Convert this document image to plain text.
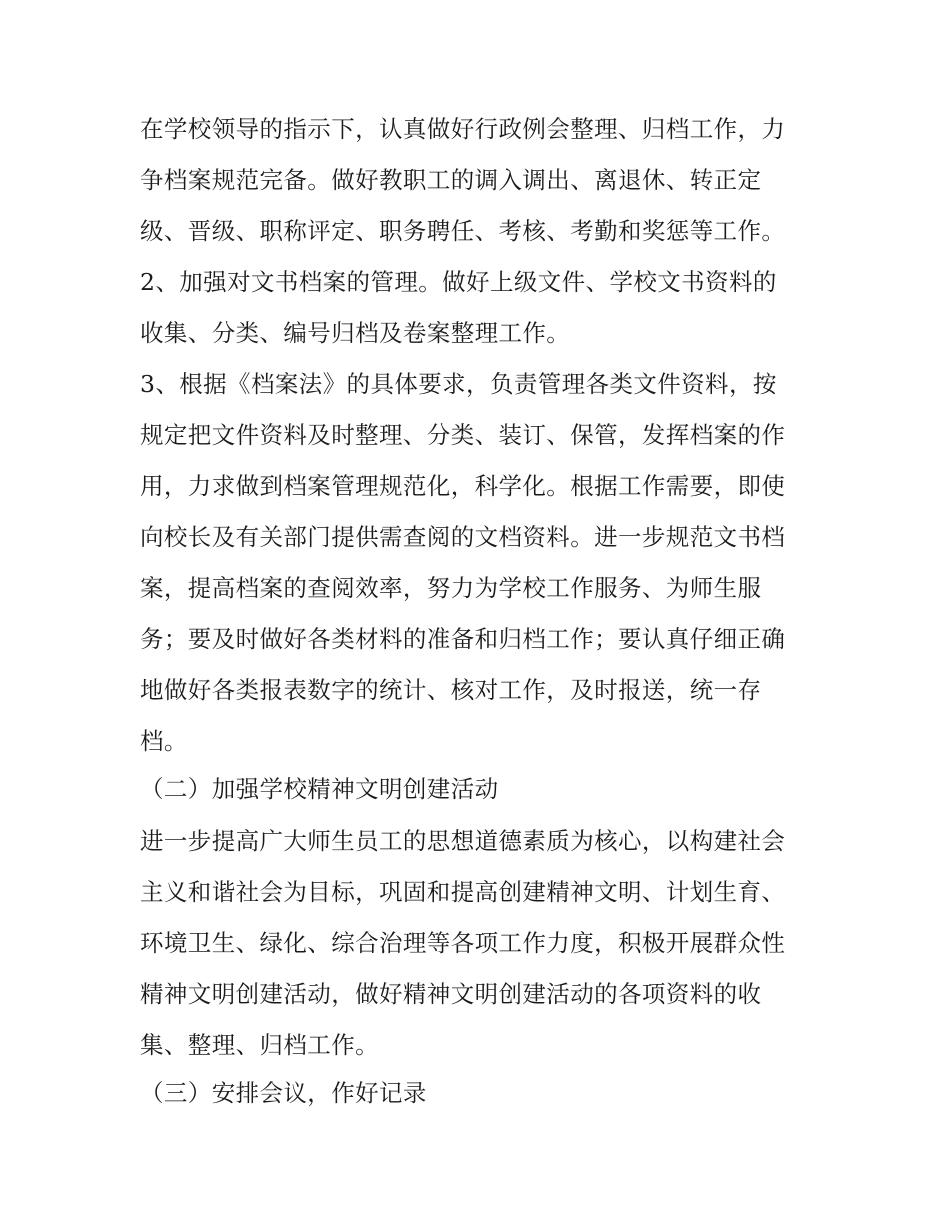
在学校领导的指示下，认真做好行政例会整理、归档工作，力
争档案规范完备。做好教职工的调入调出、离退休、转正定
级、晋级、职称评定、职务聘任、考核、考勤和奖惩等工作。
2、加强对文书档案的管理。做好上级文件、学校文书资料的
收集、分类、编号归档及卷案整理工作。
3、根据《档案法》的具体要求，负责管理各类文件资料，按
规定把文件资料及时整理、分类、装订、保管，发挥档案的作
用，力求做到档案管理规范化，科学化。根据工作需要，即使
向校长及有关部门提供需查阅的文档资料。进一步规范文书档
案，提高档案的查阅效率，努力为学校工作服务、为师生服
务；要及时做好各类材料的准备和归档工作；要认真仔细正确
地做好各类报表数字的统计、核对工作，及时报送，统一存
档。
（二）加强学校精神文明创建活动
进一步提高广大师生员工的思想道德素质为核心，以构建社会
主义和谐社会为目标，巩固和提高创建精神文明、计划生育、
环境卫生、绿化、综合治理等各项工作力度，积极开展群众性
精神文明创建活动，做好精神文明创建活动的各项资料的收
集、整理、归档工作。
（三）安排会议，作好记录
